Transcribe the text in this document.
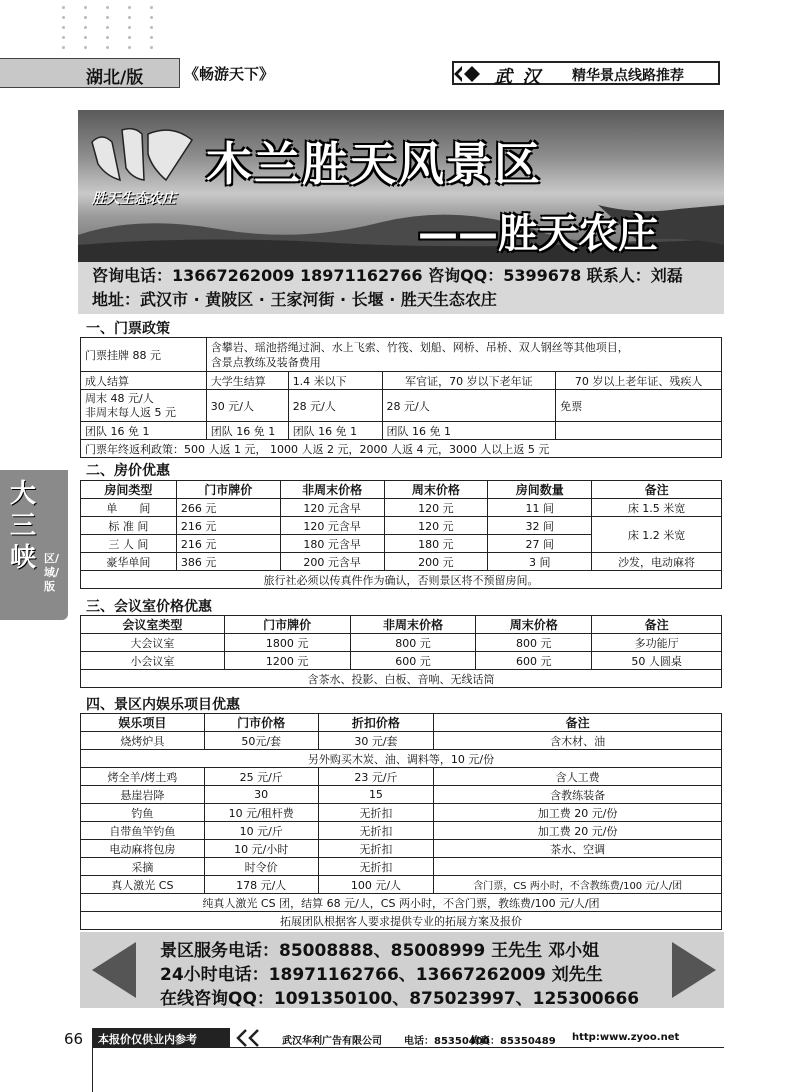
湖北/版	《畅游天下》	武 汉 精华景点线路推荐
胜天生态农庄
木兰胜天风景区
——胜天农庄
咨询电话：13667262009 18971162766 咨询QQ：5399678 联系人：刘磊
地址：武汉市 · 黄陂区 · 王家河街 · 长堰 · 胜天生态农庄
大三峡 区/域/版
一、门票政策
门票挂牌 88 元	含攀岩、瑶池搭绳过涧、水上飞索、竹筏、划船、网桥、吊桥、双人钢丝等其他项目，
含景点教练及装备费用			

成人结算	大学生结算	1.4 米以下	军官证，70 岁以下老年证	70 岁以上老年证、残疾人

周末 48 元/人
非周末每人返 5 元	30 元/人	28 元/人	28 元/人	免票
团队 16 免 1	团队 16 免 1	团队 16 免 1	团队 16 免 1	
门票年终返利政策：500 人返 1 元， 1000 人返 2 元，2000 人返 4 元，3000 人以上返 5 元				
二、房价优惠
房间类型	门市牌价	非周末价格	周末价格	房间数量	备注
单　　间	266 元	120 元含早	120 元	11 间	床 1.5 米宽
标 准 间	216 元	120 元含早	120 元	32 间	床 1.2 米宽
三 人 间	216 元	180 元含早	180 元	27 间	
豪华单间	386 元	200 元含早	200 元	3 间	沙发，电动麻将
旅行社必须以传真件作为确认，否则景区将不预留房间。					
三、会议室价格优惠
会议室类型	门市牌价	非周末价格	周末价格	备注
大会议室	1800 元	800 元	800 元	多功能厅
小会议室	1200 元	600 元	600 元	50 人圆桌
含茶水、投影、白板、音响、无线话筒				
四、景区内娱乐项目优惠
娱乐项目	门市价格	折扣价格	备注
烧烤炉具	50元/套	30 元/套	含木材、油
另外购买木炭、油、调料等，10 元/份			
烤全羊/烤土鸡	25 元/斤	23 元/斤	含人工费
悬崖岩降	30	15	含教练装备
钓鱼	10 元/租杆费	无折扣	加工费 20 元/份
自带鱼竿钓鱼	10 元/斤	无折扣	加工费 20 元/份
电动麻将包房	10 元/小时	无折扣	茶水、空调
采摘	时令价	无折扣	
真人激光 CS	178 元/人	100 元/人	含门票，CS 两小时，不含教练费/100 元/人/团
纯真人激光 CS 团，结算 68 元/人，CS 两小时，不含门票，教练费/100 元/人/团			
拓展团队根据客人要求提供专业的拓展方案及报价			
景区服务电话：85008888、85008999 王先生 邓小姐
24小时电话：18971162766、13667262009 刘先生
在线咨询QQ：1091350100、875023997、125300666
66	本报价仅供业内参考	武汉华利广告有限公司 电话：85350400
传真：85350489 http:www.zyoo.net
